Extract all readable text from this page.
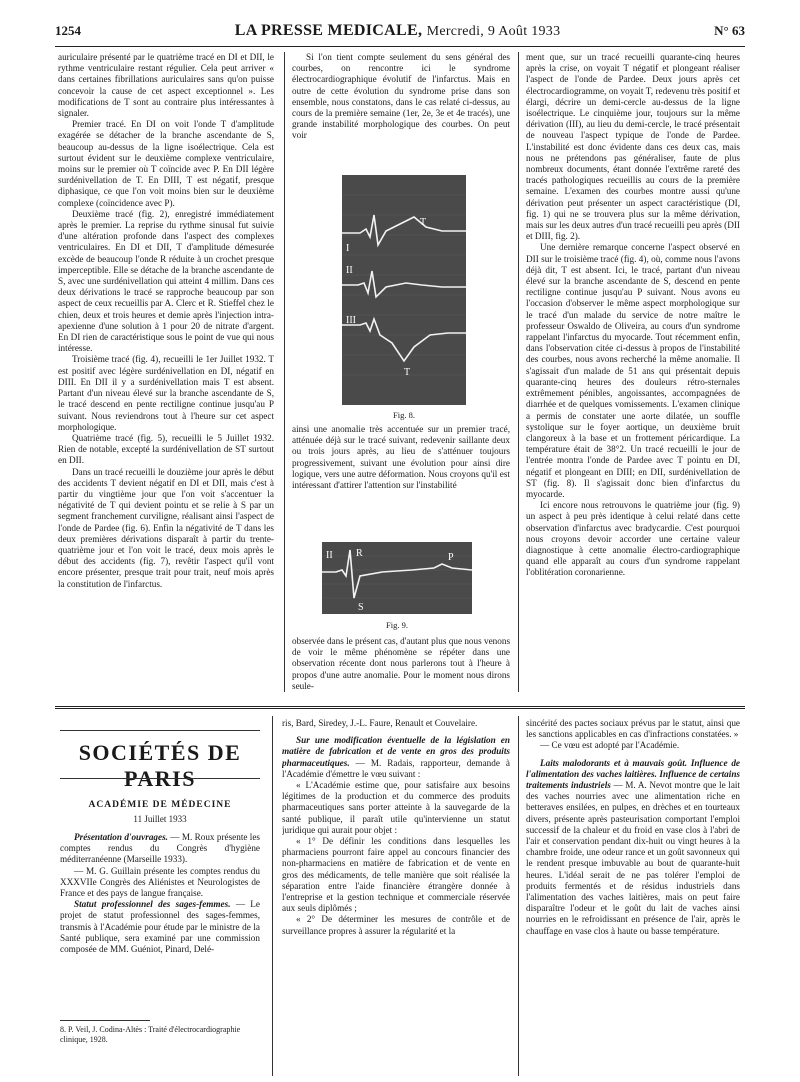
1254	LA PRESSE MEDICALE, Mercredi, 9 Août 1933	N° 63

auriculaire présenté par le quatrième tracé en DI et DII, le rythme ventriculaire restant régulier. Cela peut arriver « dans certaines fibrillations auriculaires sans qu'on puisse concevoir la cause de cet aspect exceptionnel ». Les modifications de T sont au contraire plus intéressantes à signaler.

Premier tracé. En DI on voit l'onde T d'amplitude exagérée se détacher de la branche ascendante de S, beaucoup au-dessus de la ligne isoélectrique. Cela est surtout évident sur le deuxième complexe ventriculaire, moins sur le premier où T coïncide avec P. En DII légère surdénivellation de T. En DIII, T est négatif, presque diphasique, ce que l'on voit moins bien sur le deuxième complexe (coïncidence avec P).

Deuxième tracé (fig. 2), enregistré immédiatement après le premier. La reprise du rythme sinusal fut suivie d'une altération profonde dans l'aspect des complexes ventriculaires. En DI et DII, T d'amplitude démesurée excède de beaucoup l'onde R réduite à un crochet presque imperceptible. Elle se détache de la branche ascendante de S, avec une surdénivellation qui atteint 4 millim. Dans ces deux dérivations le tracé se rapproche beaucoup par son aspect de ceux recueillis par A. Clerc et R. Stieffel chez le chien, deux et trois heures et demie après l'injection intra-apexienne d'une solution à 1 pour 20 de nitrate d'argent. En DI rien de caractéristique sous le point de vue qui nous intéresse.

Troisième tracé (fig. 4), recueilli le 1er Juillet 1932. T est positif avec légère surdénivellation en DI, négatif en DIII. En DII il y a surdénivellation mais T est absent. Partant d'un niveau élevé sur la branche ascendante de S, le tracé descend en pente rectiligne continue jusqu'au P suivant. Nous reviendrons tout à l'heure sur cet aspect morphologique.

Quatrième tracé (fig. 5), recueilli le 5 Juillet 1932. Rien de notable, excepté la surdénivellation de ST surtout en DII.

Dans un tracé recueilli le douzième jour après le début des accidents T devient négatif en DI et DII, mais c'est à partir du vingtième jour que l'on voit s'accentuer la négativité de T qui devient pointu et se relie à S par un segment franchement curviligne, réalisant ainsi l'aspect de l'onde de Pardee (fig. 6). Enfin la négativité de T dans les deux premières dérivations disparaît à partir du trente-quatrième jour et l'on voit le tracé, deux mois après le début des accidents (fig. 7), revêtir l'aspect qu'il vont encore présenter, presque trait pour trait, neuf mois après la constitution de l'infarctus.

Si l'on tient compte seulement du sens général des courbes, on rencontre ici le syndrome électrocardiographique évolutif de l'infarctus. Mais en outre de cette évolution du syndrome prise dans son ensemble, nous constatons, dans le cas relaté ci-dessus, au cours de la première semaine (1er, 2e, 3e et 4e tracés), une grande instabilité morphologique des courbes. On peut voir

T
I
II
III
T
Fig. 8.

ainsi une anomalie très accentuée sur un premier tracé, atténuée déjà sur le tracé suivant, redevenir saillante deux ou trois jours après, au lieu de s'atténuer toujours progressivement, suivant une évolution pour ainsi dire logique, vers une autre déformation. Nous croyons qu'il est intéressant d'attirer l'attention sur l'instabilité

II R	P
S
Fig. 9.

observée dans le présent cas, d'autant plus que nous venons de voir le même phénomène se répéter dans une observation récente dont nous parlerons tout à l'heure à propos d'une autre anomalie. Pour le moment nous dirons seule-

ment que, sur un tracé recueilli quarante-cinq heures après la crise, on voyait T négatif et plongeant réaliser l'aspect de l'onde de Pardee. Deux jours après cet électrocardiogramme, on voyait T, redevenu très positif et élargi, décrire un demi-cercle au-dessus de la ligne isoélectrique. Le cinquième jour, toujours sur la même dérivation (III), au lieu du demi-cercle, le tracé présentait de nouveau l'aspect typique de l'onde de Pardee. L'instabilité est donc évidente dans ces deux cas, mais nous ne prétendons pas généraliser, faute de plus nombreux documents, étant donnée l'extrême rareté des tracés pathologiques recueillis au cours de la première semaine. L'examen des courbes montre aussi qu'une dérivation peut présenter un aspect caractéristique (DI, fig. 1) qui ne se trouvera plus sur la même dérivation, mais sur les deux autres d'un tracé recueilli peu après (DII et DIII, fig. 2).

Une dernière remarque concerne l'aspect observé en DII sur le troisième tracé (fig. 4), où, comme nous l'avons déjà dit, T est absent. Ici, le tracé, partant d'un niveau élevé sur la branche ascendante de S, descend en pente rectiligne continue jusqu'au P suivant. Nous avons eu l'occasion d'observer le même aspect morphologique sur le tracé d'un malade du service de notre maître le professeur Oswaldo de Oliveira, au cours d'un syndrome rappelant l'infarctus du myocarde. Tout récemment enfin, dans l'observation citée ci-dessus à propos de l'instabilité des courbes, nous avons recherché la même anomalie. Il s'agissait d'un malade de 51 ans qui présentait depuis quarante-cinq heures des douleurs rétro-sternales extrêmement pénibles, angoissantes, accompagnées de diarrhée et de quelques vomissements. L'examen clinique a permis de constater une aorte dilatée, un souffle systolique sur le foyer aortique, un deuxième bruit clangoreux à la base et un frottement péricardique. La température était de 38°2. Un tracé recueilli le jour de l'entrée montra l'onde de Pardee avec T pointu en DI, négatif et plongeant en DIII; en DII, surdénivellation de ST (fig. 8). Il s'agissait donc bien d'infarctus du myocarde.

Ici encore nous retrouvons le quatrième jour (fig. 9) un aspect à peu près identique à celui relaté dans cette observation d'infarctus avec bradycardie. C'est pourquoi nous croyons devoir accorder une certaine valeur diagnostique à cette anomalie électro-cardiographique quand elle apparaît au cours d'un syndrome rappelant l'oblitération coronarienne.

SOCIÉTÉS DE PARIS
ACADÉMIE DE MÉDECINE
11 Juillet 1933

Présentation d'ouvrages. — M. Roux présente les comptes rendus du Congrès d'hygiène méditerranéenne (Marseille 1933).

— M. G. Guillain présente les comptes rendus du XXXVIIe Congrès des Aliénistes et Neurologistes de France et des pays de langue française.

Statut professionnel des sages-femmes. — Le projet de statut professionnel des sages-femmes, transmis à l'Académie pour étude par le ministre de la Santé publique, sera examiné par une commission composée de MM. Guéniot, Pinard, Delé-

8. P. Veil, J. Codina-Altès : Traité d'électrocardiographie clinique, 1928.

ris, Bard, Siredey, J.-L. Faure, Renault et Couvelaire.

Sur une modification éventuelle de la législation en matière de fabrication et de vente en gros des produits pharmaceutiques. — M. Radais, rapporteur, demande à l'Académie d'émettre le vœu suivant :

« L'Académie estime que, pour satisfaire aux besoins légitimes de la production et du commerce des produits pharmaceutiques sans porter atteinte à la sauvegarde de la santé publique, il paraît utile qu'intervienne un statut juridique qui aurait pour objet :

« 1° De définir les conditions dans lesquelles les pharmaciens pourront faire appel au concours financier des non-pharmaciens en matière de fabrication et de vente en gros des médicaments, de telle manière que soit réalisée la séparation entre l'aide financière étrangère donnée à l'entreprise et la gestion technique et commerciale réservée aux seuls diplômés ;

« 2° De déterminer les mesures de contrôle et de surveillance propres à assurer la régularité et la

sincérité des pactes sociaux prévus par le statut, ainsi que les sanctions applicables en cas d'infractions constatées. »

— Ce vœu est adopté par l'Académie.

Laits malodorants et à mauvais goût. Influence de l'alimentation des vaches laitières. Influence de certains traitements industriels — M. A. Nevot montre que le lait des vaches nourries avec une alimentation riche en betteraves ensilées, en pulpes, en drèches et en tourteaux divers, présente après pasteurisation comportant l'emploi successif de la chaleur et du froid en vase clos à l'abri de l'air et conservation pendant dix-huit ou vingt heures à la chambre froide, une odeur rance et un goût savonneux qui le rendent presque imbuvable au bout de quarante-huit heures. L'idéal serait de ne pas tolérer l'emploi de produits fermentés et de résidus industriels dans l'alimentation des vaches laitières, mais on peut faire disparaître l'odeur et le goût du lait de vaches ainsi nourries en le refroidissant en présence de l'air, après le chauffage en vase clos à haute ou basse température.
